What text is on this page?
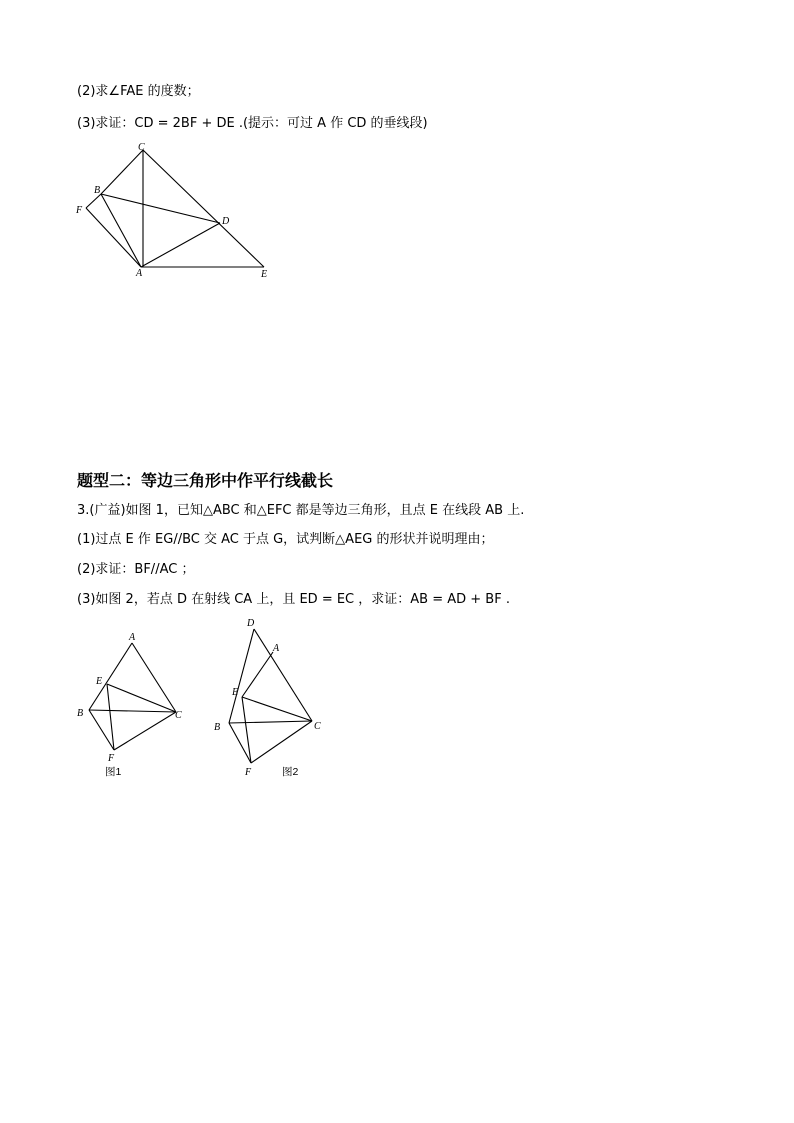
(2)求∠FAE 的度数；
(3)求证：CD = 2BF + DE .(提示：可过 A 作 CD 的垂线段)
C
B
F
D
A	E
题型二：等边三角形中作平行线截长
3.(广益)如图 1，已知△ABC 和△EFC 都是等边三角形，且点 E 在线段 AB 上.
(1)过点 E 作 EG//BC 交 AC 于点 G，试判断△AEG 的形状并说明理由；
(2)求证：BF//AC ；
(3)如图 2，若点 D 在射线 CA 上，且 ED = EC ，求证：AB = AD + BF .
A
E
B	C
F
图1
D
A
E
B	C
F	图2
